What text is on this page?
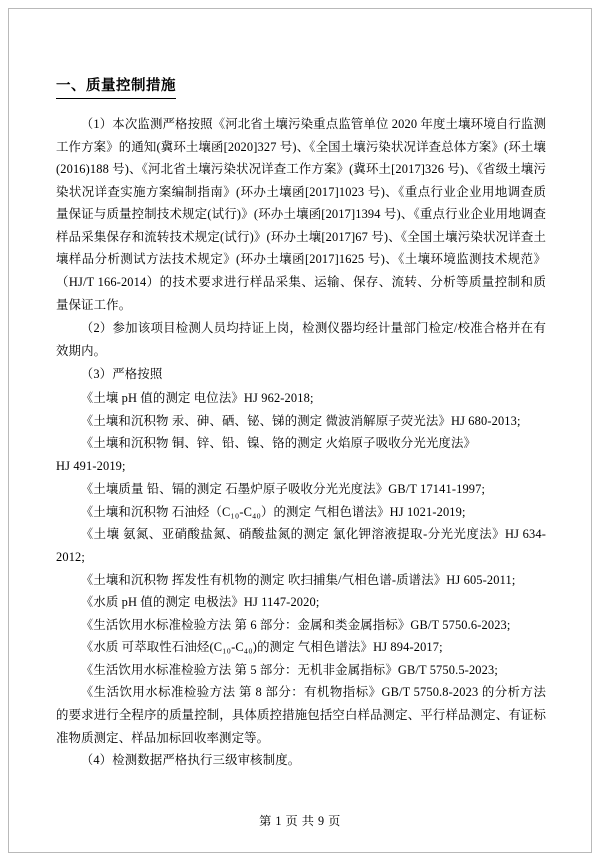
一、质量控制措施

（1）本次监测严格按照《河北省土壤污染重点监管单位 2020 年度土壤环境自行监测工作方案》的通知(冀环土壤函[2020]327 号)、《全国土壤污染状况详查总体方案》(环土壤(2016)188 号)、《河北省土壤污染状况详查工作方案》(冀环土[2017]326 号)、《省级土壤污染状况详查实施方案编制指南》(环办土壤函[2017]1023 号)、《重点行业企业用地调查质量保证与质量控制技术规定(试行)》(环办土壤函[2017]1394 号)、《重点行业企业用地调查样品采集保存和流转技术规定(试行)》(环办土壤[2017]67 号)、《全国土壤污染状况详查土壤样品分析测试方法技术规定》(环办土壤函[2017]1625 号)、《土壤环境监测技术规范》（HJ/T 166-2014）的技术要求进行样品采集、运输、保存、流转、分析等质量控制和质量保证工作。

（2）参加该项目检测人员均持证上岗，检测仪器均经计量部门检定/校准合格并在有效期内。

（3）严格按照

《土壤 pH 值的测定 电位法》HJ 962-2018;

《土壤和沉积物 汞、砷、硒、铋、锑的测定 微波消解原子荧光法》HJ 680-2013;

《土壤和沉积物 铜、锌、铅、镍、铬的测定 火焰原子吸收分光光度法》

HJ 491-2019;

《土壤质量 铅、镉的测定 石墨炉原子吸收分光光度法》GB/T 17141-1997;

《土壤和沉积物 石油烃（C₁₀-C₄₀）的测定 气相色谱法》HJ 1021-2019;

《土壤 氨氮、亚硝酸盐氮、硝酸盐氮的测定 氯化钾溶液提取-分光光度法》HJ 634-2012;

《土壤和沉积物 挥发性有机物的测定 吹扫捕集/气相色谱-质谱法》HJ 605-2011;

《水质 pH 值的测定 电极法》HJ 1147-2020;

《生活饮用水标准检验方法 第 6 部分：金属和类金属指标》GB/T 5750.6-2023;

《水质 可萃取性石油烃(C₁₀-C₄₀)的测定 气相色谱法》HJ 894-2017;

《生活饮用水标准检验方法 第 5 部分：无机非金属指标》GB/T 5750.5-2023;

《生活饮用水标准检验方法 第 8 部分：有机物指标》GB/T 5750.8-2023 的分析方法的要求进行全程序的质量控制，具体质控措施包括空白样品测定、平行样品测定、有证标准物质测定、样品加标回收率测定等。

（4）检测数据严格执行三级审核制度。

第 1 页 共 9 页
